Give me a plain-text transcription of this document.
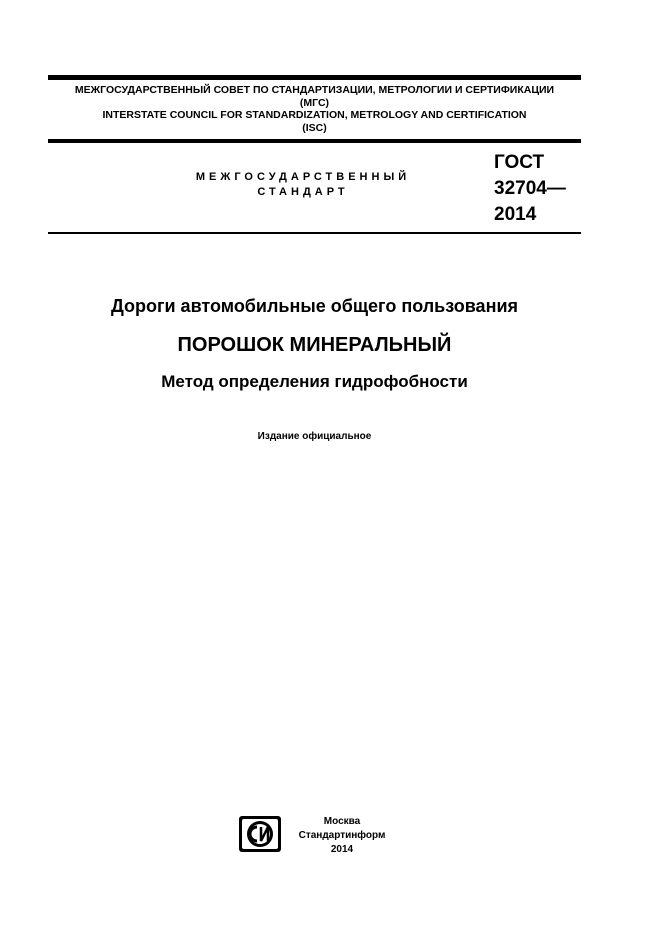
МЕЖГОСУДАРСТВЕННЫЙ СОВЕТ ПО СТАНДАРТИЗАЦИИ, МЕТРОЛОГИИ И СЕРТИФИКАЦИИ
(МГС)
INTERSTATE COUNCIL FOR STANDARDIZATION, METROLOGY AND CERTIFICATION
(ISC)
МЕЖГОСУДАРСТВЕННЫЙ
СТАНДАРТ
ГОСТ
32704—
2014
Дороги автомобильные общего пользования
ПОРОШОК МИНЕРАЛЬНЫЙ
Метод определения гидрофобности
Издание официальное
Москва
Стандартинформ
2014
